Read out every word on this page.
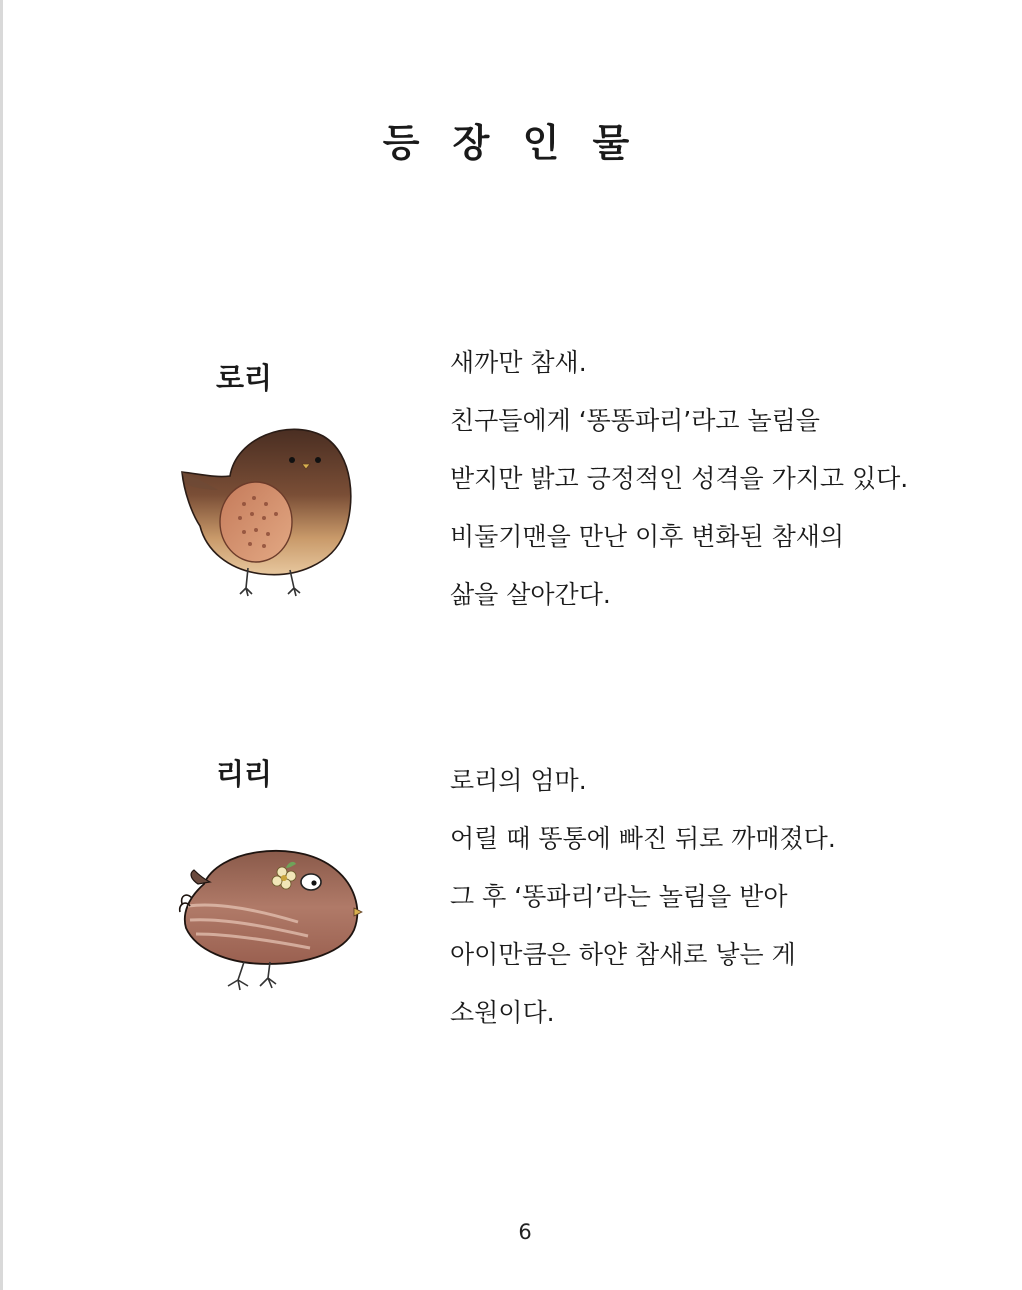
등 장 인 물
로리	새까만 참새.
친구들에게 ‘똥똥파리’라고 놀림을
받지만 밝고 긍정적인 성격을 가지고 있다.
비둘기맨을 만난 이후 변화된 참새의
삶을 살아간다.
리리	로리의 엄마.
어릴 때 똥통에 빠진 뒤로 까매졌다.
그 후 ‘똥파리’라는 놀림을 받아
아이만큼은 하얀 참새로 낳는 게
소원이다.
6
